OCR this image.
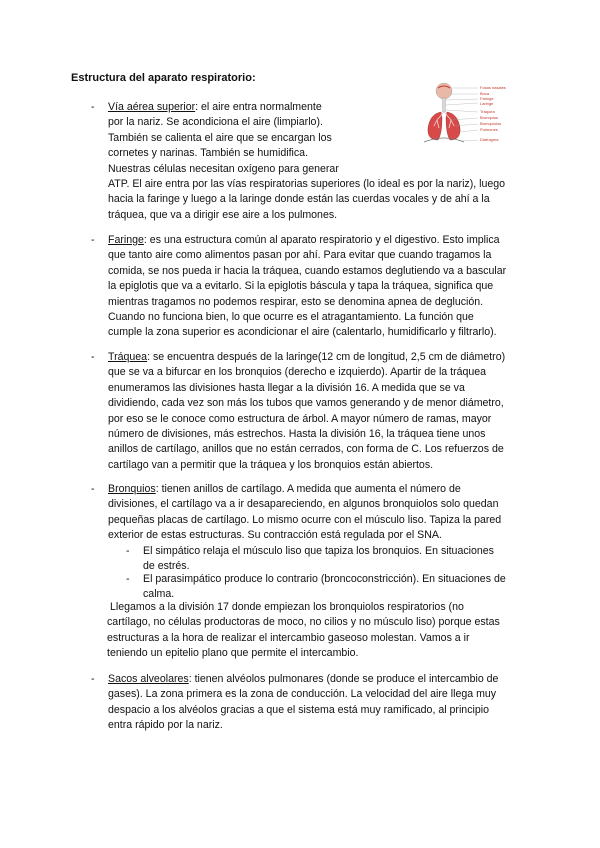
Estructura del aparato respiratorio:
Fosas nasales
Boca
Faringe
Laringe
Tráquea
Bronquios
Bronquiolos
Pulmones
Diafragma
- Vía aérea superior: el aire entra normalmente
por la nariz. Se acondiciona el aire (limpiarlo).
También se calienta el aire que se encargan los
cornetes y narinas. También se humidifica.
Nuestras células necesitan oxígeno para generar
ATP. El aire entra por las vías respiratorias superiores (lo ideal es por la nariz), luego
hacia la faringe y luego a la laringe donde están las cuerdas vocales y de ahí a la
tráquea, que va a dirigir ese aire a los pulmones.
- Faringe: es una estructura común al aparato respiratorio y el digestivo. Esto implica
que tanto aire como alimentos pasan por ahí. Para evitar que cuando tragamos la
comida, se nos pueda ir hacia la tráquea, cuando estamos deglutiendo va a bascular
la epiglotis que va a evitarlo. Si la epiglotis báscula y tapa la tráquea, significa que
mientras tragamos no podemos respirar, esto se denomina apnea de deglución.
Cuando no funciona bien, lo que ocurre es el atragantamiento. La función que
cumple la zona superior es acondicionar el aire (calentarlo, humidificarlo y filtrarlo).
- Tráquea: se encuentra después de la laringe(12 cm de longitud, 2,5 cm de diámetro)
que se va a bifurcar en los bronquios (derecho e izquierdo). Apartir de la tráquea
enumeramos las divisiones hasta llegar a la división 16. A medida que se va
dividiendo, cada vez son más los tubos que vamos generando y de menor diámetro,
por eso se le conoce como estructura de árbol. A mayor número de ramas, mayor
número de divisiones, más estrechos. Hasta la división 16, la tráquea tiene unos
anillos de cartílago, anillos que no están cerrados, con forma de C. Los refuerzos de
cartílago van a permitir que la tráquea y los bronquios están abiertos.
- Bronquios: tienen anillos de cartílago. A medida que aumenta el número de
divisiones, el cartílago va a ir desapareciendo, en algunos bronquiolos solo quedan
pequeñas placas de cartílago. Lo mismo ocurre con el músculo liso. Tapiza la pared
exterior de estas estructuras. Su contracción está regulada por el SNA.
- El simpático relaja el músculo liso que tapiza los bronquios. En situaciones
de estrés.
- El parasimpático produce lo contrario (broncoconstricción). En situaciones de
calma.
Llegamos a la división 17 donde empiezan los bronquiolos respiratorios (no
cartílago, no células productoras de moco, no cilios y no músculo liso) porque estas
estructuras a la hora de realizar el intercambio gaseoso molestan. Vamos a ir
teniendo un epitelio plano que permite el intercambio.
- Sacos alveolares: tienen alvéolos pulmonares (donde se produce el intercambio de
gases). La zona primera es la zona de conducción. La velocidad del aire llega muy
despacio a los alvéolos gracias a que el sistema está muy ramificado, al principio
entra rápido por la nariz.
